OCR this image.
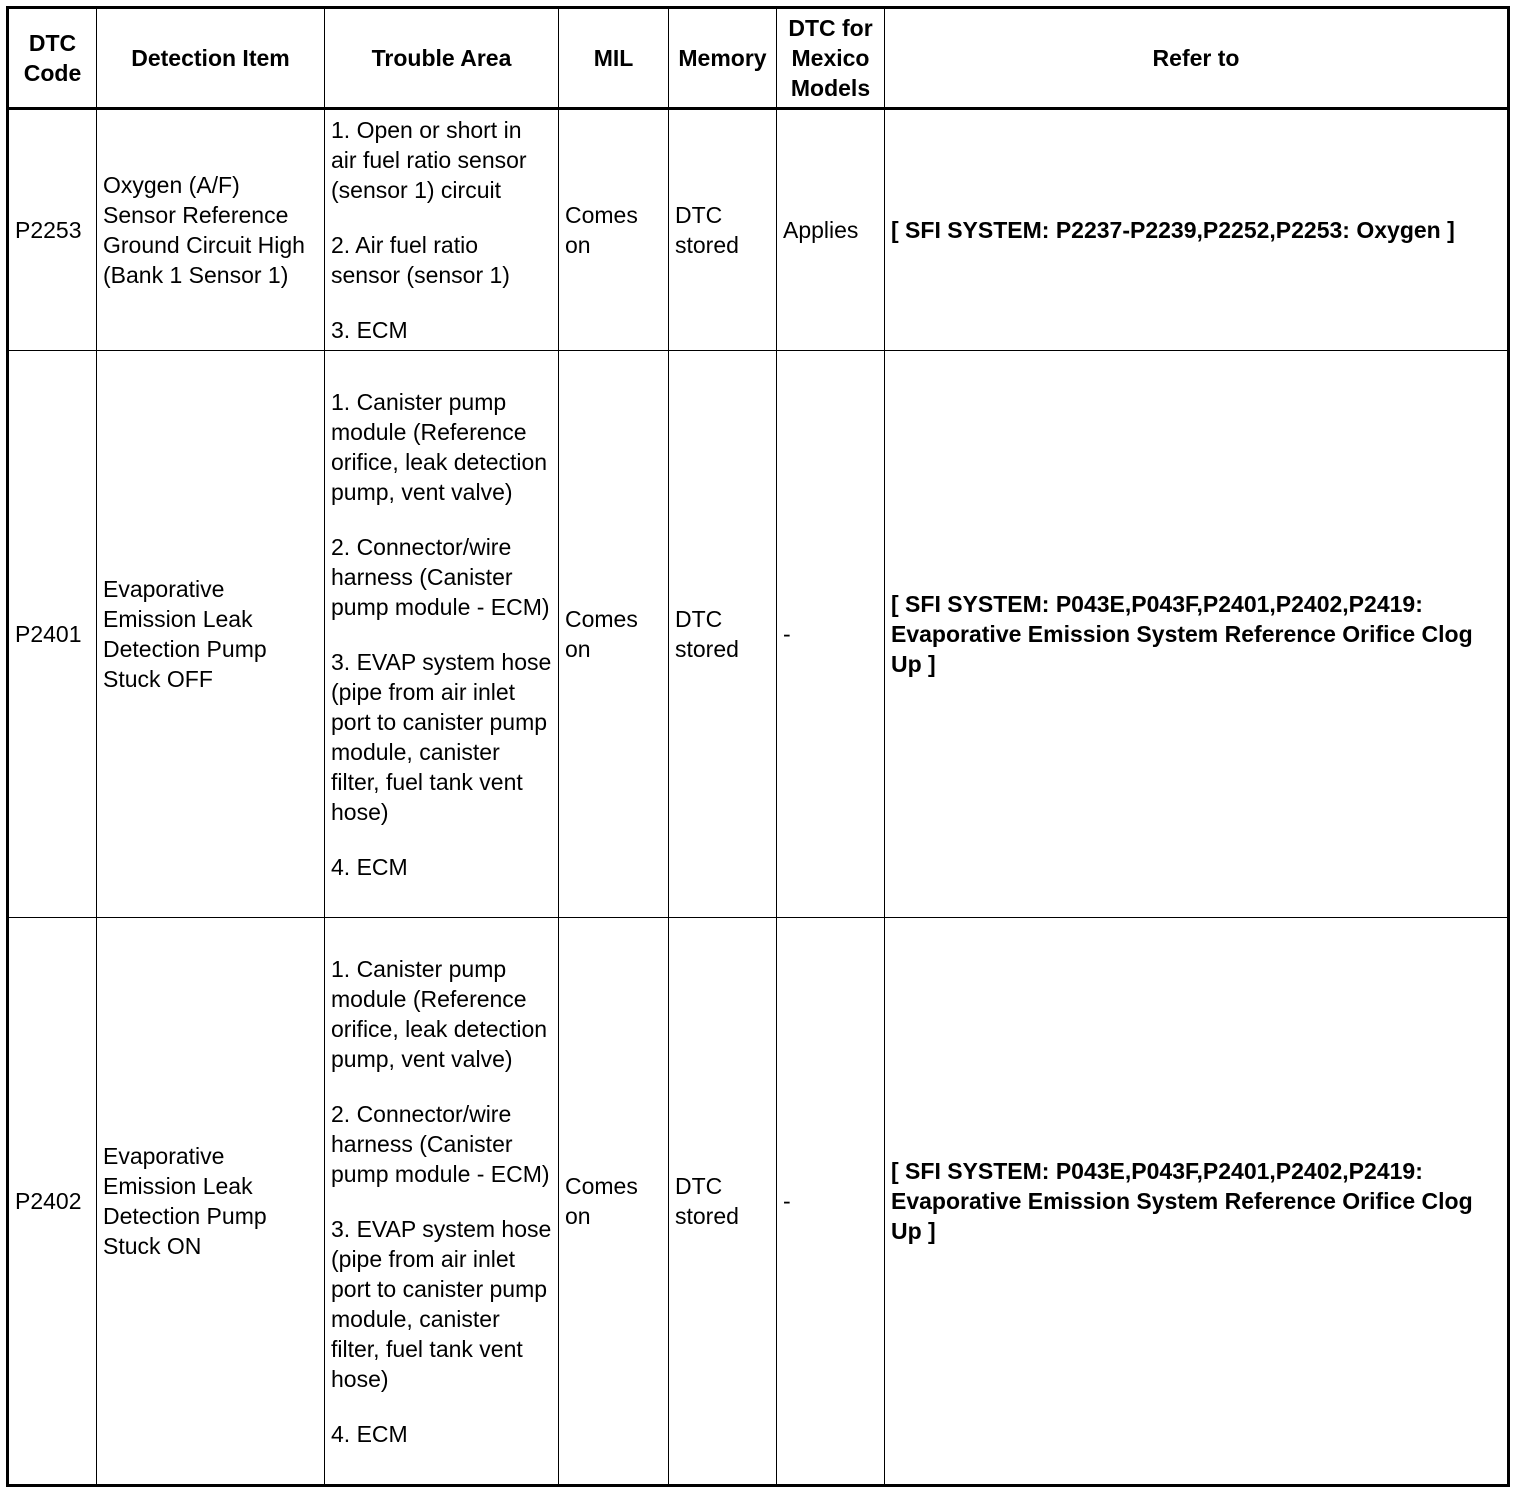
DTC Code	Detection Item	Trouble Area	MIL	Memory	DTC for Mexico Models	Refer to
P2253	Oxygen (A/F) Sensor Reference Ground Circuit High (Bank 1 Sensor 1)	1. Open or short in air fuel ratio sensor (sensor 1) circuit
2. Air fuel ratio sensor (sensor 1)
3. ECM	Comes on	DTC stored	Applies	[ SFI SYSTEM: P2237-P2239,P2252,P2253: Oxygen ]
P2401	Evaporative Emission Leak Detection Pump Stuck OFF	1. Canister pump module (Reference orifice, leak detection pump, vent valve)
2. Connector/wire harness (Canister pump module - ECM)
3. EVAP system hose (pipe from air inlet port to canister pump module, canister filter, fuel tank vent hose)
4. ECM	Comes on	DTC stored	-	[ SFI SYSTEM: P043E,P043F,P2401,P2402,P2419: Evaporative Emission System Reference Orifice Clog Up ]
P2402	Evaporative Emission Leak Detection Pump Stuck ON	1. Canister pump module (Reference orifice, leak detection pump, vent valve)
2. Connector/wire harness (Canister pump module - ECM)
3. EVAP system hose (pipe from air inlet port to canister pump module, canister filter, fuel tank vent hose)
4. ECM	Comes on	DTC stored	-	[ SFI SYSTEM: P043E,P043F,P2401,P2402,P2419: Evaporative Emission System Reference Orifice Clog Up ]
